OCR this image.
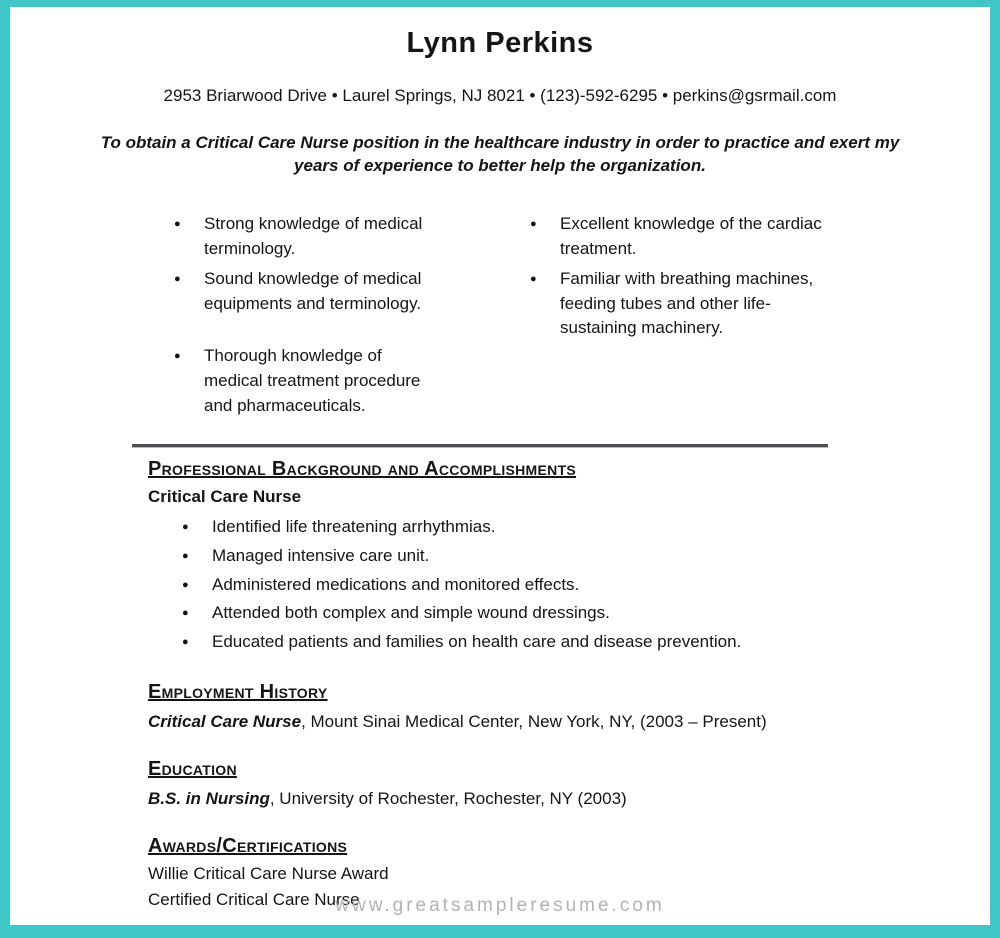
Lynn Perkins
2953 Briarwood Drive • Laurel Springs, NJ 8021 • (123)-592-6295 • perkins@gsrmail.com
To obtain a Critical Care Nurse position in the healthcare industry in order to practice and exert my years of experience to better help the organization.
● Strong knowledge of medical terminology.
● Sound knowledge of medical equipments and terminology.
● Thorough knowledge of medical treatment procedure and pharmaceuticals.
● Excellent knowledge of the cardiac treatment.
● Familiar with breathing machines, feeding tubes and other life-sustaining machinery.
Professional Background and Accomplishments
Critical Care Nurse
● Identified life threatening arrhythmias.
● Managed intensive care unit.
● Administered medications and monitored effects.
● Attended both complex and simple wound dressings.
● Educated patients and families on health care and disease prevention.
Employment History
Critical Care Nurse, Mount Sinai Medical Center, New York, NY, (2003 – Present)
Education
B.S. in Nursing, University of Rochester, Rochester, NY (2003)
Awards/Certifications
Willie Critical Care Nurse Award
Certified Critical Care Nurse
www.greatsampleresume.com
